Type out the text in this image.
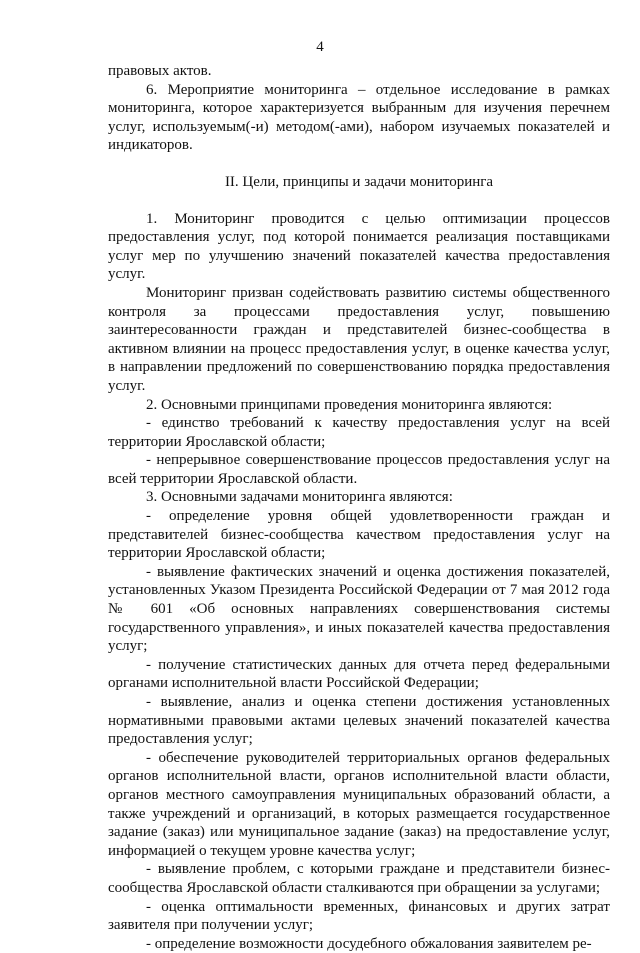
4

правовых актов.

6. Мероприятие мониторинга – отдельное исследование в рамках мониторинга, которое характеризуется выбранным для изучения перечнем услуг, используемым(-и) методом(-ами), набором изучаемых показателей и индикаторов.

II. Цели, принципы и задачи мониторинга

1. Мониторинг проводится с целью оптимизации процессов предоставления услуг, под которой понимается реализация поставщиками услуг мер по улучшению значений показателей качества предоставления услуг.

Мониторинг призван содействовать развитию системы общественного контроля за процессами предоставления услуг, повышению заинтересованности граждан и представителей бизнес-сообщества в активном влиянии на процесс предоставления услуг, в оценке качества услуг, в направлении предложений по совершенствованию порядка предоставления услуг.

2. Основными принципами проведения мониторинга являются:

- единство требований к качеству предоставления услуг на всей территории Ярославской области;

- непрерывное совершенствование процессов предоставления услуг на всей территории Ярославской области.

3. Основными задачами мониторинга являются:

- определение уровня общей удовлетворенности граждан и представителей бизнес-сообщества качеством предоставления услуг на территории Ярославской области;

- выявление фактических значений и оценка достижения показателей, установленных Указом Президента Российской Федерации от 7 мая 2012 года № 601 «Об основных направлениях совершенствования системы государственного управления», и иных показателей качества предоставления услуг;

- получение статистических данных для отчета перед федеральными органами исполнительной власти Российской Федерации;

- выявление, анализ и оценка степени достижения установленных нормативными правовыми актами целевых значений показателей качества предоставления услуг;

- обеспечение руководителей территориальных органов федеральных органов исполнительной власти, органов исполнительной власти области, органов местного самоуправления муниципальных образований области, а также учреждений и организаций, в которых размещается государственное задание (заказ) или муниципальное задание (заказ) на предоставление услуг, информацией о текущем уровне качества услуг;

- выявление проблем, с которыми граждане и представители бизнес-сообщества Ярославской области сталкиваются при обращении за услугами;

- оценка оптимальности временных, финансовых и других затрат заявителя при получении услуг;

- определение возможности досудебного обжалования заявителем ре-
